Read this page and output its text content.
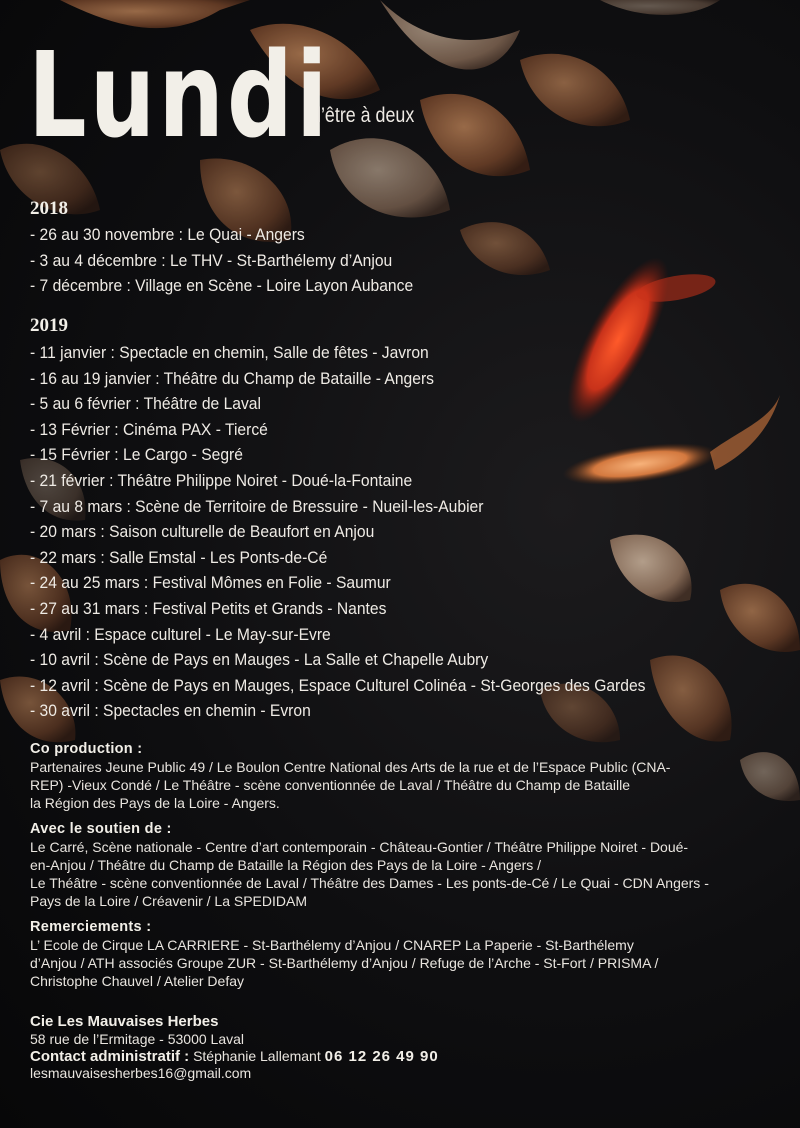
Lundi
l’être à deux
2018
- 26 au 30 novembre : Le Quai - Angers
- 3 au 4 décembre : Le THV - St-Barthélemy d’Anjou
- 7 décembre : Village en Scène - Loire Layon Aubance
2019
- 11 janvier : Spectacle en chemin, Salle de fêtes - Javron
- 16 au 19 janvier : Théâtre du Champ de Bataille - Angers
- 5 au 6 février : Théâtre de Laval
- 13 Février : Cinéma PAX - Tiercé
- 15 Février : Le Cargo - Segré
- 21 février : Théâtre Philippe Noiret - Doué-la-Fontaine
- 7 au 8 mars : Scène de Territoire de Bressuire - Nueil-les-Aubier
- 20 mars : Saison culturelle de Beaufort en Anjou
- 22 mars : Salle Emstal - Les Ponts-de-Cé
- 24 au 25 mars : Festival Mômes en Folie - Saumur
- 27 au 31 mars : Festival Petits et Grands - Nantes
- 4 avril : Espace culturel - Le May-sur-Evre
- 10 avril : Scène de Pays en Mauges - La Salle et Chapelle Aubry
- 12 avril : Scène de Pays en Mauges, Espace Culturel Colinéa - St-Georges des Gardes
- 30 avril : Spectacles en chemin - Evron
Co production :

Partenaires Jeune Public 49 / Le Boulon Centre National des Arts de la rue et de l’Espace Public (CNA-

REP) -Vieux Condé / Le Théâtre - scène conventionnée de Laval / Théâtre du Champ de Bataille

la Région des Pays de la Loire - Angers.

Avec le soutien de :

Le Carré, Scène nationale - Centre d’art contemporain - Château-Gontier / Théâtre Philippe Noiret - Doué-

en-Anjou / Théâtre du Champ de Bataille la Région des Pays de la Loire - Angers /

Le Théâtre - scène conventionnée de Laval / Théâtre des Dames - Les ponts-de-Cé / Le Quai - CDN Angers -

Pays de la Loire / Créavenir / La SPEDIDAM

Remerciements :

L’ Ecole de Cirque LA CARRIERE - St-Barthélemy d’Anjou / CNAREP La Paperie - St-Barthélemy

d’Anjou / ATH associés Groupe ZUR - St-Barthélemy d’Anjou / Refuge de l’Arche - St-Fort / PRISMA /

Christophe Chauvel / Atelier Defay

Cie Les Mauvaises Herbes
58 rue de l’Ermitage - 53000 Laval
Contact administratif : Stéphanie Lallemant 06 12 26 49 90
lesmauvaisesherbes16@gmail.com
